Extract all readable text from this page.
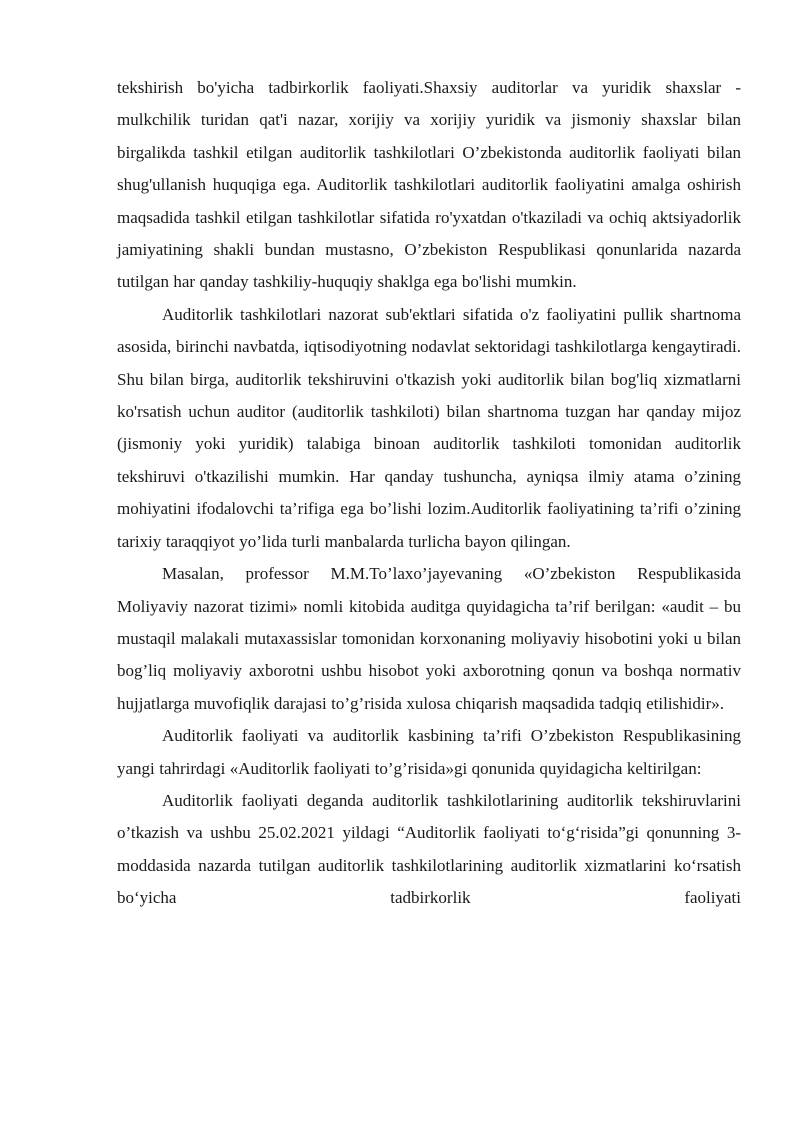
tekshirish bo'yicha tadbirkorlik faoliyati.Shaxsiy auditorlar va yuridik shaxslar - mulkchilik turidan qat'i nazar, xorijiy va xorijiy yuridik va jismoniy shaxslar bilan birgalikda tashkil etilgan auditorlik tashkilotlari O’zbekistonda auditorlik faoliyati bilan shug'ullanish huquqiga ega. Auditorlik tashkilotlari auditorlik faoliyatini amalga oshirish maqsadida tashkil etilgan tashkilotlar sifatida ro'yxatdan o'tkaziladi va ochiq aktsiyadorlik jamiyatining shakli bundan mustasno, O’zbekiston Respublikasi qonunlarida nazarda tutilgan har qanday tashkiliy-huquqiy shaklga ega bo'lishi mumkin.

Auditorlik tashkilotlari nazorat sub'ektlari sifatida o'z faoliyatini pullik shartnoma asosida, birinchi navbatda, iqtisodiyotning nodavlat sektoridagi tashkilotlarga kengaytiradi. Shu bilan birga, auditorlik tekshiruvini o'tkazish yoki auditorlik bilan bog'liq xizmatlarni ko'rsatish uchun auditor (auditorlik tashkiloti) bilan shartnoma tuzgan har qanday mijoz (jismoniy yoki yuridik) talabiga binoan auditorlik tashkiloti tomonidan auditorlik tekshiruvi o'tkazilishi mumkin. Har qanday tushuncha, ayniqsa ilmiy atama o’zining mohiyatini ifodalovchi ta’rifiga ega bo’lishi lozim.Auditorlik faoliyatining ta’rifi o’zining tarixiy taraqqiyot yo’lida turli manbalarda turlicha bayon qilingan.

Masalan, professor M.M.To’laxo’jayevaning «O’zbekiston Respublikasida Moliyaviy nazorat tizimi» nomli kitobida auditga quyidagicha ta’rif berilgan: «audit – bu mustaqil malakali mutaxassislar tomonidan korxonaning moliyaviy hisobotini yoki u bilan bog’liq moliyaviy axborotni ushbu hisobot yoki axborotning qonun va boshqa normativ hujjatlarga muvofiqlik darajasi to’g’risida xulosa chiqarish maqsadida tadqiq etilishidir».

Auditorlik faoliyati va auditorlik kasbining ta’rifi O’zbekiston Respublikasining yangi tahrirdagi «Auditorlik faoliyati to’g’risida»gi qonunida quyidagicha keltirilgan:

Auditorlik faoliyati deganda auditorlik tashkilotlarining auditorlik tekshiruvlarini o’tkazish va ushbu 25.02.2021 yildagi “Auditorlik faoliyati to‘g‘risida”gi qonunning 3-moddasida nazarda tutilgan auditorlik tashkilotlarining auditorlik xizmatlarini ko‘rsatish bo‘yicha tadbirkorlik faoliyati
